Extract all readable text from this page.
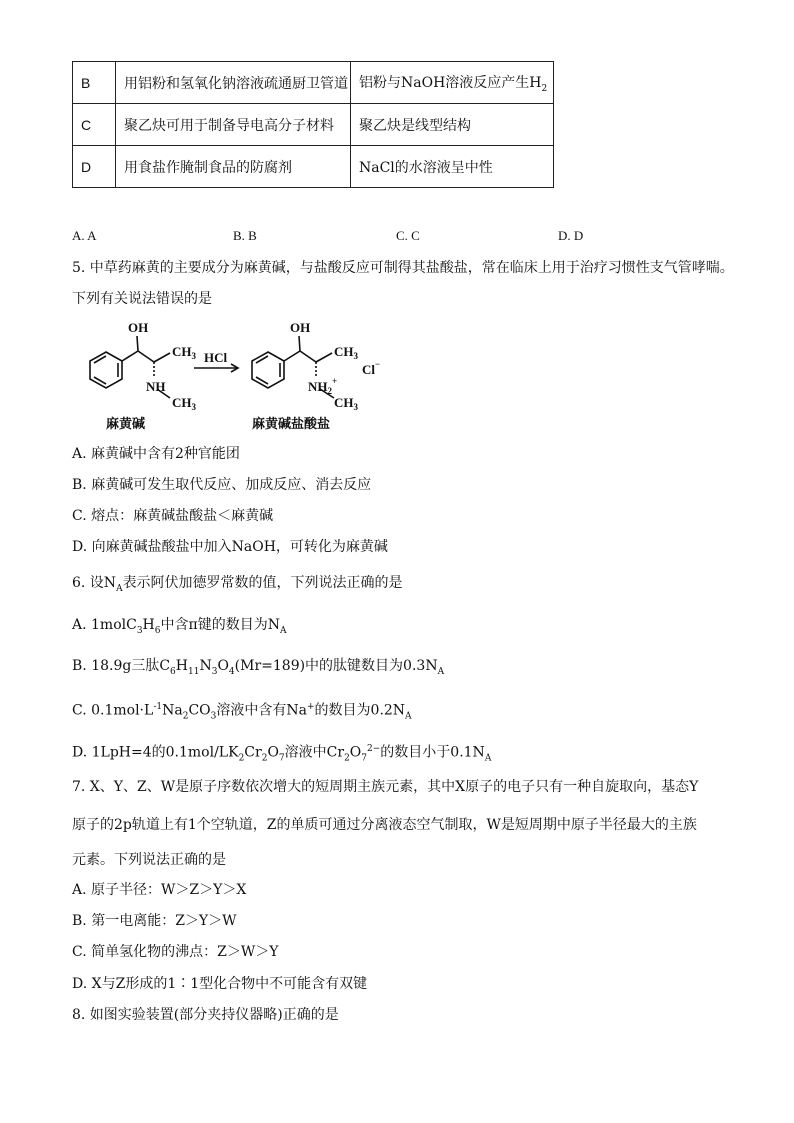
B	用铝粉和氢氧化钠溶液疏通厨卫管道	铝粉与NaOH溶液反应产生$H_2$
C	聚乙炔可用于制备导电高分子材料	聚乙炔是线型结构
D	用食盐作腌制食品的防腐剂	NaCl的水溶液呈中性
A. A	B. B	C. C	D. D
5. 中草药麻黄的主要成分为麻黄碱，与盐酸反应可制得其盐酸盐，常在临床上用于治疗习惯性支气管哮喘。
下列有关说法错误的是
OH
$CH_3$
NH
$CH_3$
HCl
OH
$CH_3$
$NH_2^+$
$CH_3$
Cl−
麻黄碱	麻黄碱盐酸盐
A. 麻黄碱中含有2种官能团
B. 麻黄碱可发生取代反应、加成反应、消去反应
C. 熔点：麻黄碱盐酸盐＜麻黄碱
D. 向麻黄碱盐酸盐中加入NaOH，可转化为麻黄碱
6. 设$N_A$表示阿伏加德罗常数的值，下列说法正确的是
A. $1molC_3H_6$中含π键的数目为$N_A$
B. 18.9g三肽$C_6H_{11}N_3O_4(Mr=189)$中的肽键数目为$0.3N_A$
C. $0.1mol\cdot L^{-1}Na_2CO_3$溶液中含有Na+的数目为$0.2N_A$
D. 1LpH=4的$0.1mol/LK_2Cr_2O_7$溶液中$Cr_2O_7^{2-}$的数目小于$0.1N_A$
7. X、Y、Z、W是原子序数依次增大的短周期主族元素，其中X原子的电子只有一种自旋取向，基态Y
原子的2p轨道上有1个空轨道，Z的单质可通过分离液态空气制取，W是短周期中原子半径最大的主族
元素。下列说法正确的是
A. 原子半径：W＞Z＞Y＞X
B. 第一电离能：Z＞Y＞W
C. 简单氢化物的沸点：Z＞W＞Y
D. X与Z形成的1∶1型化合物中不可能含有双键
8. 如图实验装置(部分夹持仪器略)正确的是
